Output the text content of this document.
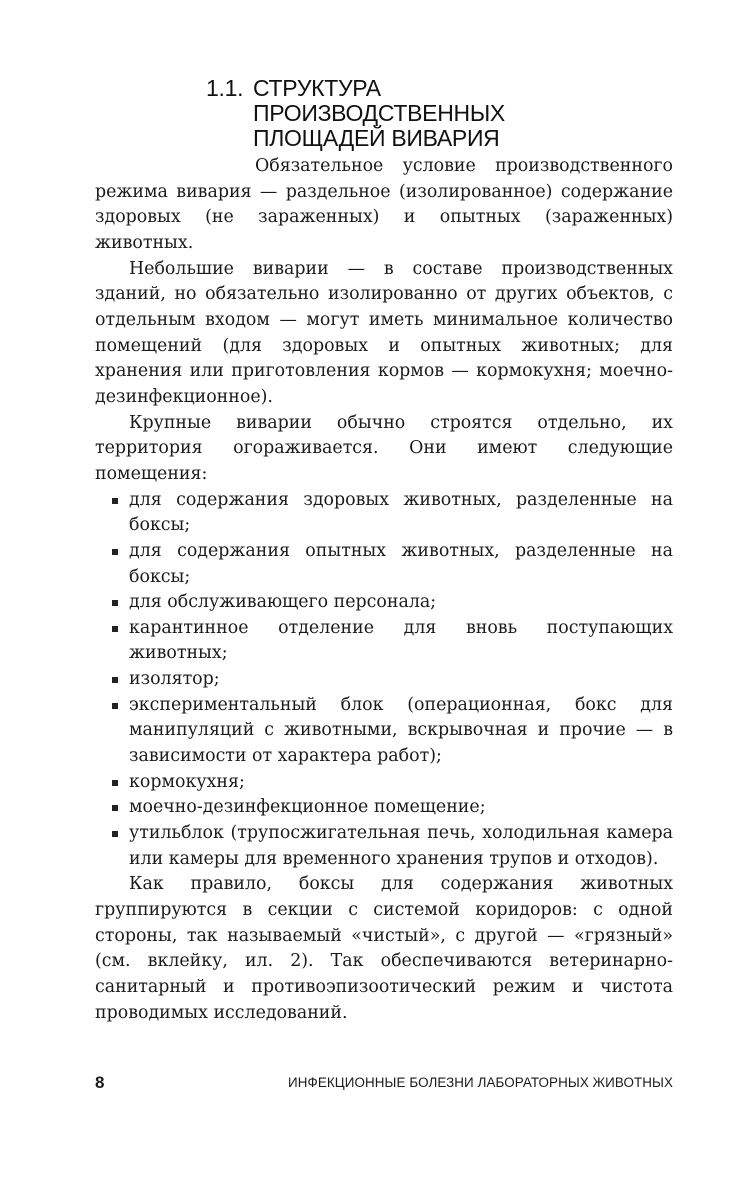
1.1. СТРУКТУРА
ПРОИЗВОДСТВЕННЫХ
ПЛОЩАДЕЙ ВИВАРИЯ

Обязательное условие производственного режима вивария — раздельное (изолированное) содержание здоровых (не зараженных) и опытных (зараженных) животных.

Небольшие виварии — в составе производственных зданий, но обязательно изолированно от других объектов, с отдельным входом — могут иметь минимальное количество помещений (для здоровых и опытных животных; для хранения или приготовления кормов — кормокухня; моечно-дезинфекционное).

Крупные виварии обычно строятся отдельно, их территория огораживается. Они имеют следующие помещения:

для содержания здоровых животных, разделенные на боксы;
для содержания опытных животных, разделенные на боксы;
для обслуживающего персонала;
карантинное отделение для вновь поступающих животных;
изолятор;
экспериментальный блок (операционная, бокс для манипуляций с животными, вскрывочная и прочие — в зависимости от характера работ);
кормокухня;
моечно-дезинфекционное помещение;
утильблок (трупосжигательная печь, холодильная камера или камеры для временного хранения трупов и отходов).

Как правило, боксы для содержания животных группируются в секции с системой коридоров: с одной стороны, так называемый «чистый», с другой — «грязный» (см. вклейку, ил. 2). Так обеспечиваются ветеринарно-санитарный и противоэпизоотический режим и чистота проводимых исследований.

8	ИНФЕКЦИОННЫЕ БОЛЕЗНИ ЛАБОРАТОРНЫХ ЖИВОТНЫХ
